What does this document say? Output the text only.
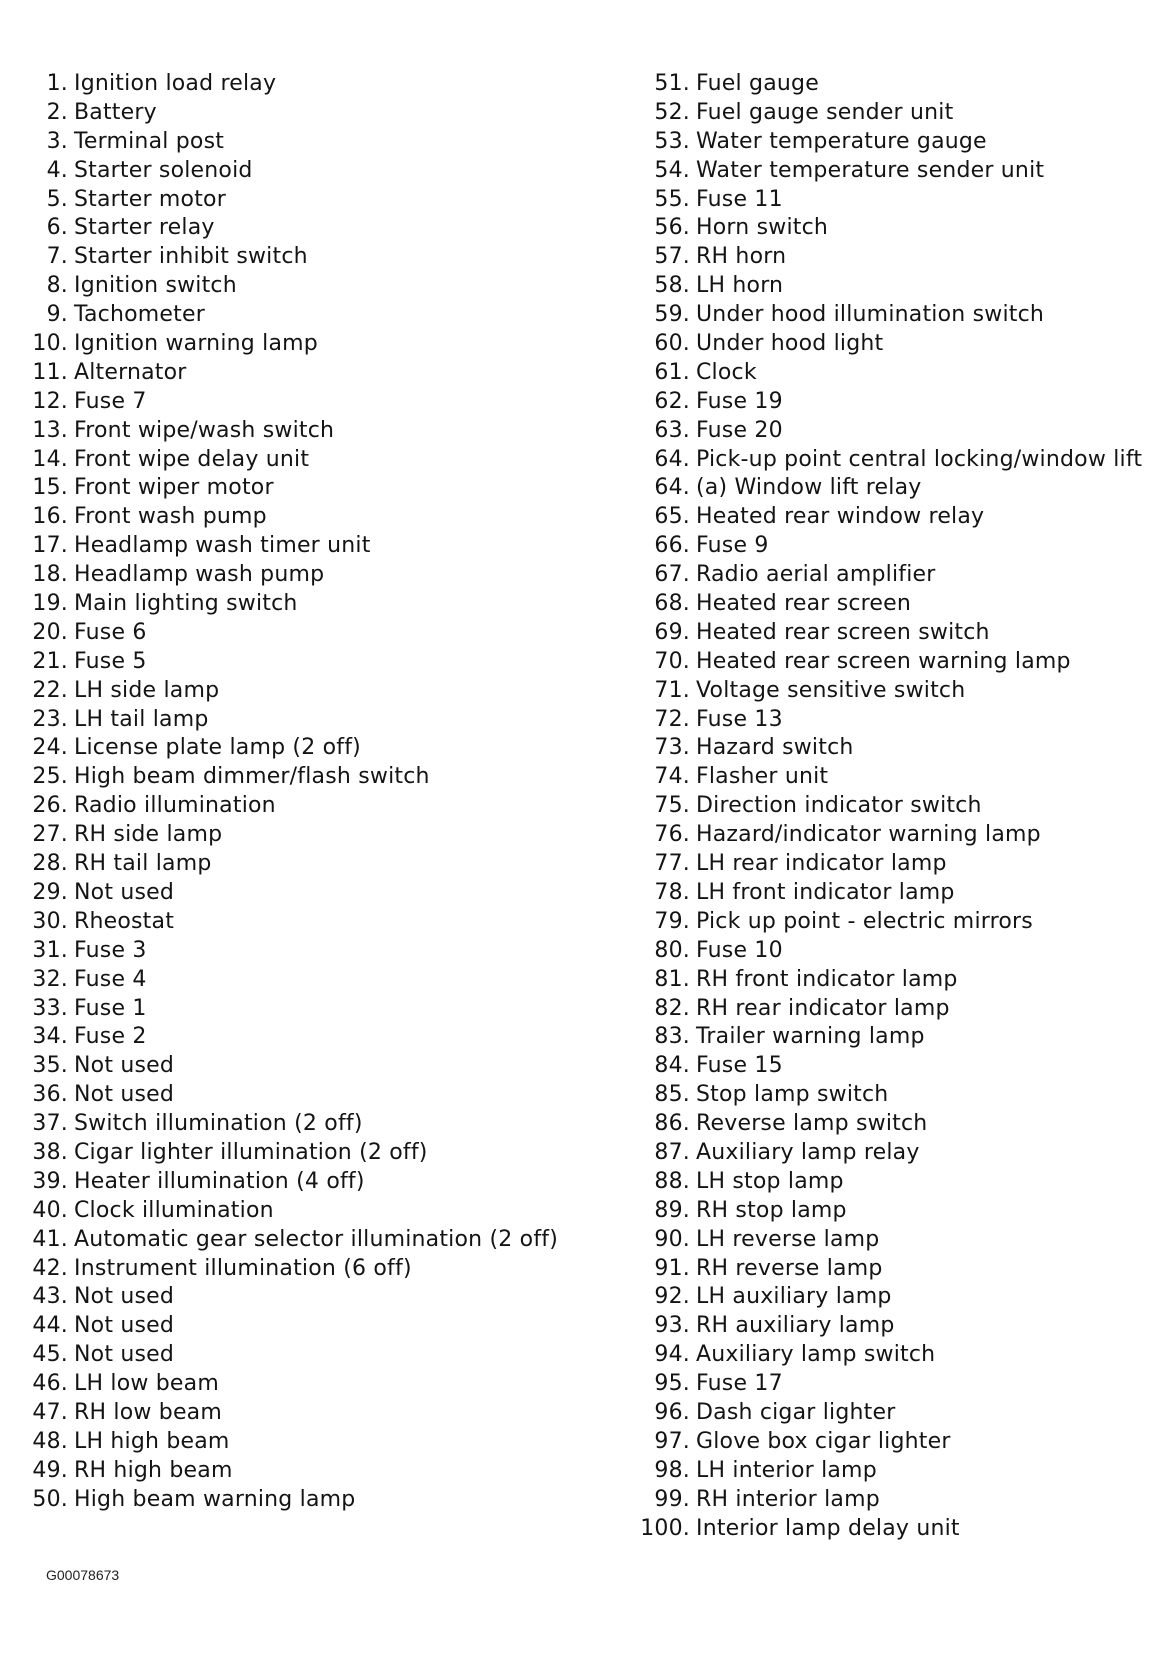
1. Ignition load relay
2. Battery
3. Terminal post
4. Starter solenoid
5. Starter motor
6. Starter relay
7. Starter inhibit switch
8. Ignition switch
9. Tachometer
10. Ignition warning lamp
11. Alternator
12. Fuse 7
13. Front wipe/wash switch
14. Front wipe delay unit
15. Front wiper motor
16. Front wash pump
17. Headlamp wash timer unit
18. Headlamp wash pump
19. Main lighting switch
20. Fuse 6
21. Fuse 5
22. LH side lamp
23. LH tail lamp
24. License plate lamp (2 off)
25. High beam dimmer/flash switch
26. Radio illumination
27. RH side lamp
28. RH tail lamp
29. Not used
30. Rheostat
31. Fuse 3
32. Fuse 4
33. Fuse 1
34. Fuse 2
35. Not used
36. Not used
37. Switch illumination (2 off)
38. Cigar lighter illumination (2 off)
39. Heater illumination (4 off)
40. Clock illumination
41. Automatic gear selector illumination (2 off)
42. Instrument illumination (6 off)
43. Not used
44. Not used
45. Not used
46. LH low beam
47. RH low beam
48. LH high beam
49. RH high beam
50. High beam warning lamp
51. Fuel gauge
52. Fuel gauge sender unit
53. Water temperature gauge
54. Water temperature sender unit
55. Fuse 11
56. Horn switch
57. RH horn
58. LH horn
59. Under hood illumination switch
60. Under hood light
61. Clock
62. Fuse 19
63. Fuse 20
64. Pick-up point central locking/window lift
64. (a) Window lift relay
65. Heated rear window relay
66. Fuse 9
67. Radio aerial amplifier
68. Heated rear screen
69. Heated rear screen switch
70. Heated rear screen warning lamp
71. Voltage sensitive switch
72. Fuse 13
73. Hazard switch
74. Flasher unit
75. Direction indicator switch
76. Hazard/indicator warning lamp
77. LH rear indicator lamp
78. LH front indicator lamp
79. Pick up point - electric mirrors
80. Fuse 10
81. RH front indicator lamp
82. RH rear indicator lamp
83. Trailer warning lamp
84. Fuse 15
85. Stop lamp switch
86. Reverse lamp switch
87. Auxiliary lamp relay
88. LH stop lamp
89. RH stop lamp
90. LH reverse lamp
91. RH reverse lamp
92. LH auxiliary lamp
93. RH auxiliary lamp
94. Auxiliary lamp switch
95. Fuse 17
96. Dash cigar lighter
97. Glove box cigar lighter
98. LH interior lamp
99. RH interior lamp
100. Interior lamp delay unit
G00078673
